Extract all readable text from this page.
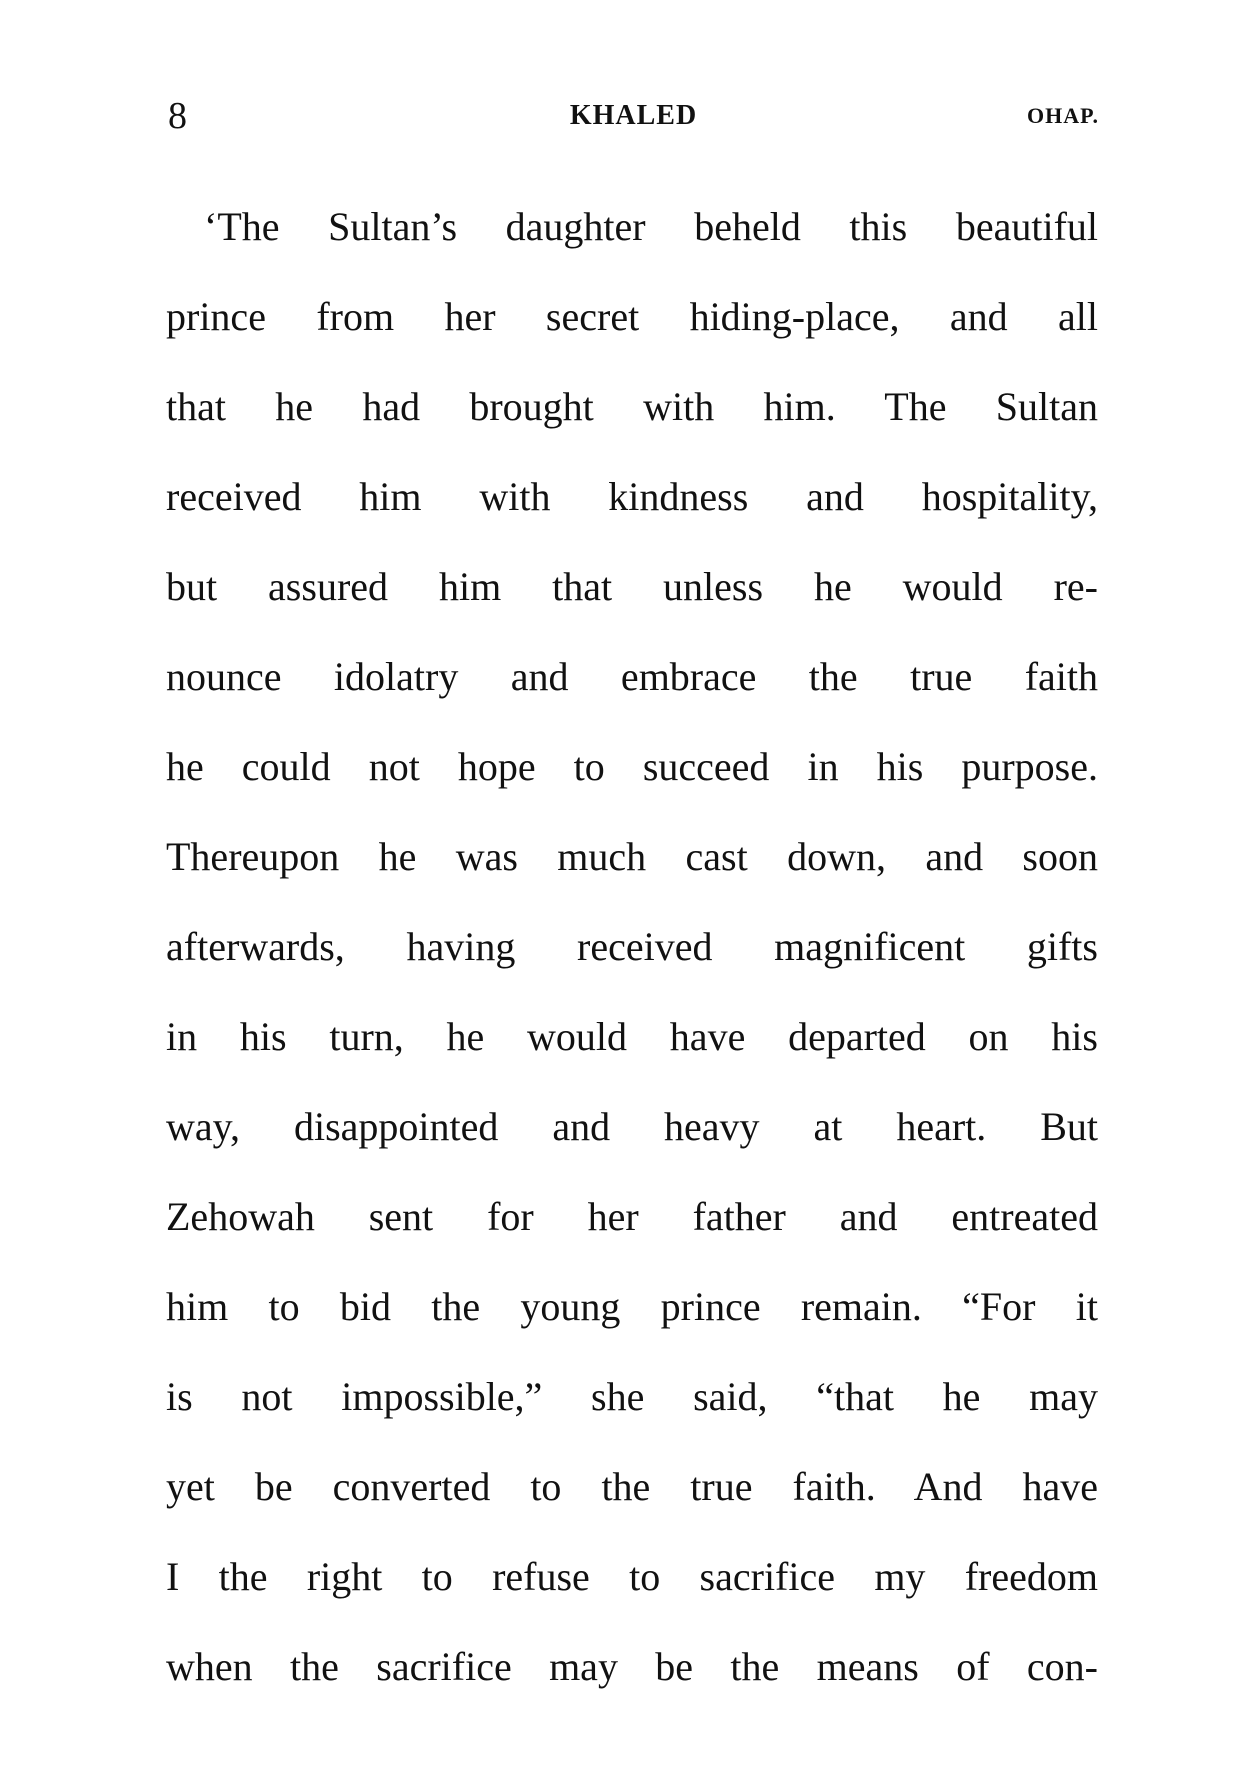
8	KHALED	OHAP.
‘The Sultan’s daughter beheld this beautiful
prince from her secret hiding-place, and all
that he had brought with him. The Sultan
received him with kindness and hospitality,
but assured him that unless he would re-
nounce idolatry and embrace the true faith
he could not hope to succeed in his purpose.
Thereupon he was much cast down, and soon
afterwards, having received magnificent gifts
in his turn, he would have departed on his
way, disappointed and heavy at heart. But
Zehowah sent for her father and entreated
him to bid the young prince remain. “For it
is not impossible,” she said, “that he may
yet be converted to the true faith. And have
I the right to refuse to sacrifice my freedom
when the sacrifice may be the means of con-
